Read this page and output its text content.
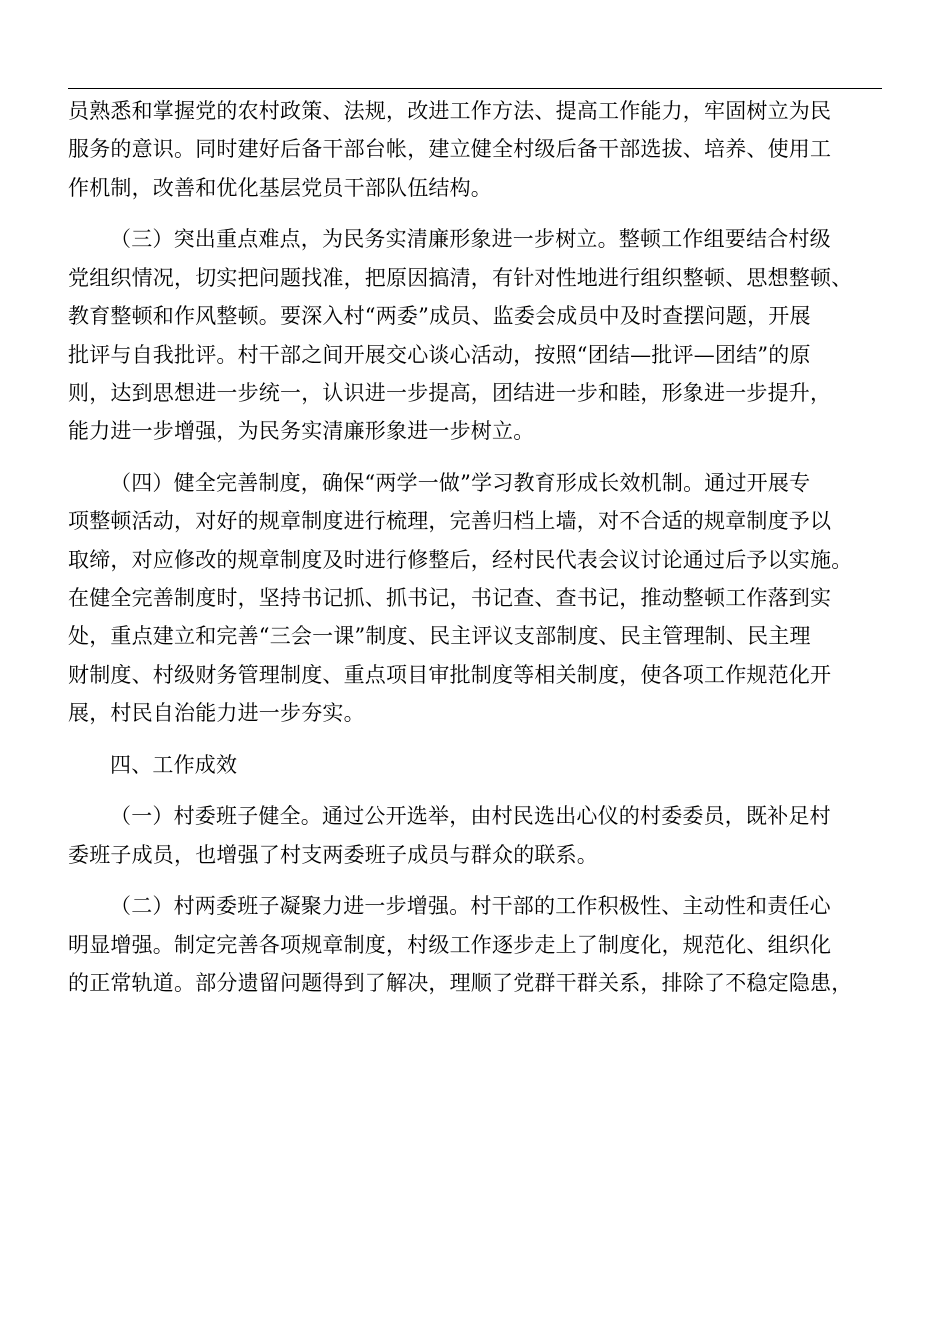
员熟悉和掌握党的农村政策、法规，改进工作方法、提高工作能力，牢固树立为民
服务的意识。同时建好后备干部台帐，建立健全村级后备干部选拔、培养、使用工
作机制，改善和优化基层党员干部队伍结构。
（三）突出重点难点，为民务实清廉形象进一步树立。整顿工作组要结合村级
党组织情况，切实把问题找准，把原因搞清，有针对性地进行组织整顿、思想整顿、
教育整顿和作风整顿。要深入村“两委”成员、监委会成员中及时查摆问题，开展
批评与自我批评。村干部之间开展交心谈心活动，按照“团结—批评—团结”的原
则，达到思想进一步统一，认识进一步提高，团结进一步和睦，形象进一步提升，
能力进一步增强，为民务实清廉形象进一步树立。
（四）健全完善制度，确保“两学一做”学习教育形成长效机制。通过开展专
项整顿活动，对好的规章制度进行梳理，完善归档上墙，对不合适的规章制度予以
取缔，对应修改的规章制度及时进行修整后，经村民代表会议讨论通过后予以实施。
在健全完善制度时，坚持书记抓、抓书记，书记查、查书记，推动整顿工作落到实
处，重点建立和完善“三会一课”制度、民主评议支部制度、民主管理制、民主理
财制度、村级财务管理制度、重点项目审批制度等相关制度，使各项工作规范化开
展，村民自治能力进一步夯实。
四、工作成效
（一）村委班子健全。通过公开选举，由村民选出心仪的村委委员，既补足村
委班子成员，也增强了村支两委班子成员与群众的联系。
（二）村两委班子凝聚力进一步增强。村干部的工作积极性、主动性和责任心
明显增强。制定完善各项规章制度，村级工作逐步走上了制度化，规范化、组织化
的正常轨道。部分遗留问题得到了解决，理顺了党群干群关系，排除了不稳定隐患，
